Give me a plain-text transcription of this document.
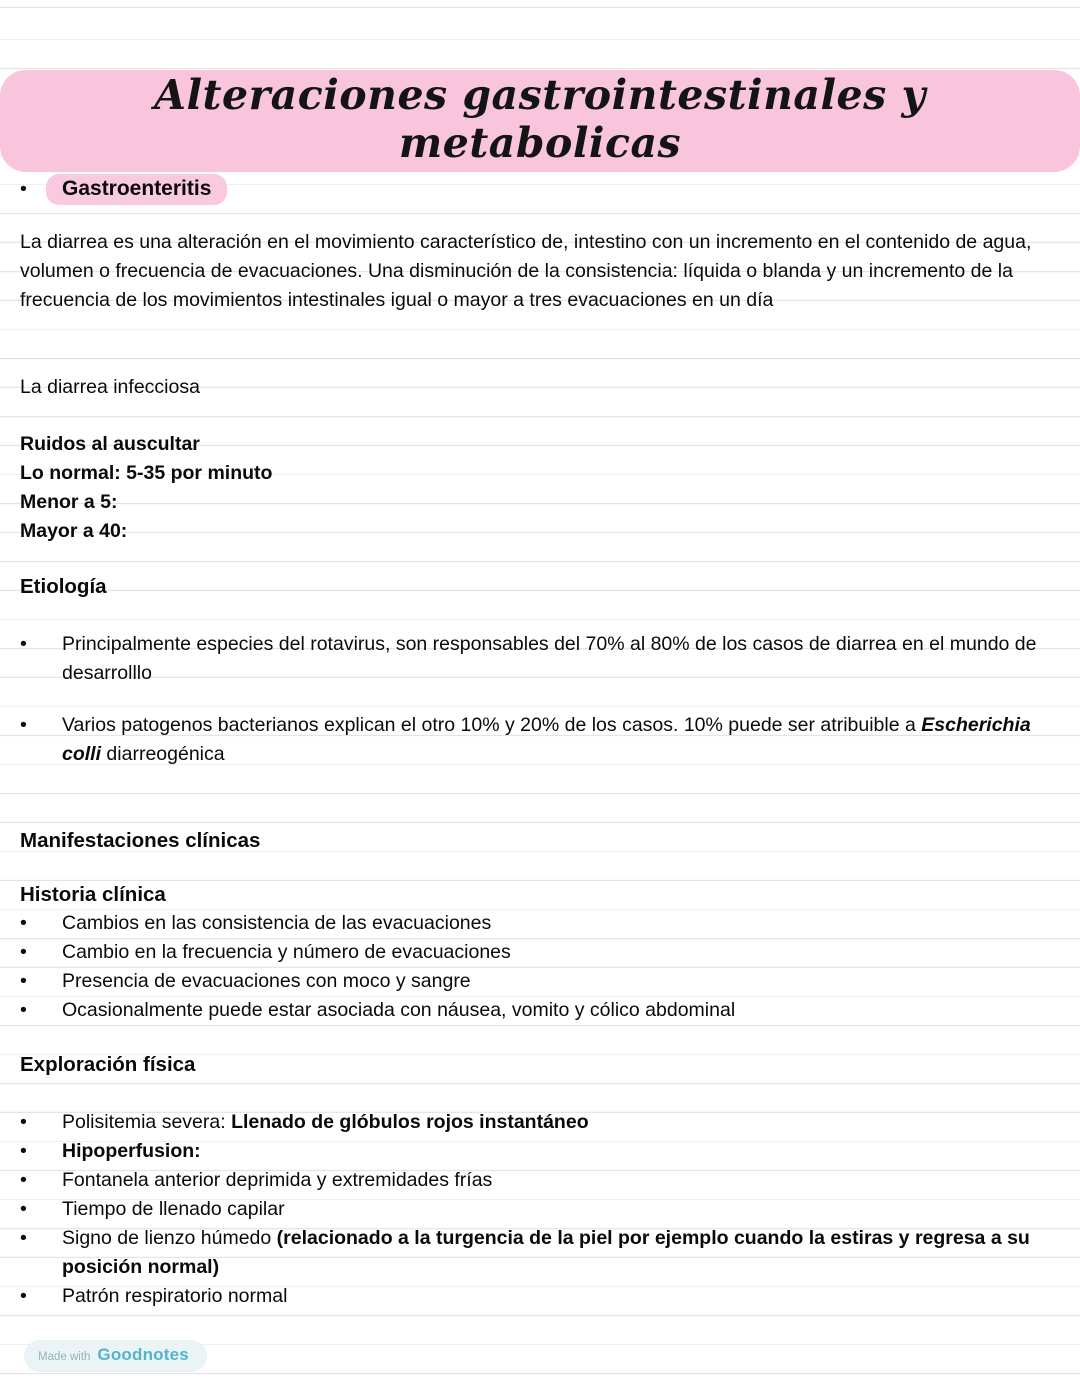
Alteraciones gastrointestinales y metabolicas
•	Gastroenteritis
La diarrea es una alteración en el movimiento característico de, intestino con un incremento en el contenido de agua, volumen o frecuencia de evacuaciones. Una disminución de la consistencia: líquida o blanda y un incremento de la frecuencia de los movimientos intestinales igual o mayor a tres evacuaciones en un día
La diarrea infecciosa
Ruidos al auscultar
Lo normal: 5-35 por minuto
Menor a 5:
Mayor a 40:
Etiología
•	Principalmente especies del rotavirus, son responsables del 70% al 80% de los casos de diarrea en el mundo de desarrolllo
•	Varios patogenos bacterianos explican el otro 10% y 20% de los casos. 10% puede ser atribuible a Escherichia colli diarreogénica
Manifestaciones clínicas
Historia clínica
•	Cambios en las consistencia de las evacuaciones
•	Cambio en la frecuencia y número de evacuaciones
•	Presencia de evacuaciones con moco y sangre
•	Ocasionalmente puede estar asociada con náusea, vomito y cólico abdominal
Exploración física
•	Polisitemia severa: Llenado de glóbulos rojos instantáneo
•	Hipoperfusion:
•	Fontanela anterior deprimida y extremidades frías
•	Tiempo de llenado capilar
•	Signo de lienzo húmedo (relacionado a la turgencia de la piel por ejemplo cuando la estiras y regresa a su posición normal)
•	Patrón respiratorio normal
Made with Goodnotes
